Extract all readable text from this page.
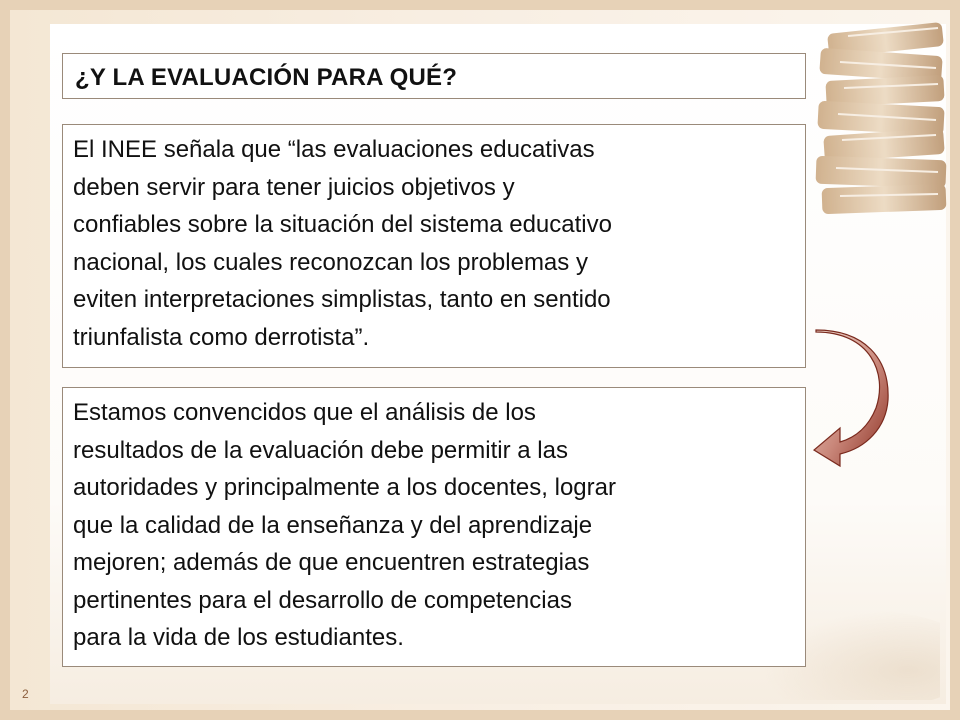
¿Y LA EVALUACIÓN PARA QUÉ?
El INEE señala que “las evaluaciones educativas
deben servir para tener juicios objetivos y
confiables sobre la situación del sistema educativo
nacional, los cuales reconozcan los problemas y
eviten interpretaciones simplistas, tanto en sentido
triunfalista como derrotista”.
Estamos convencidos que el análisis de los
resultados de la evaluación debe permitir a las
autoridades y principalmente a los docentes, lograr
que la calidad de la enseñanza y del aprendizaje
mejoren; además de que encuentren estrategias
pertinentes para el desarrollo de competencias
para la vida de los estudiantes.
2
